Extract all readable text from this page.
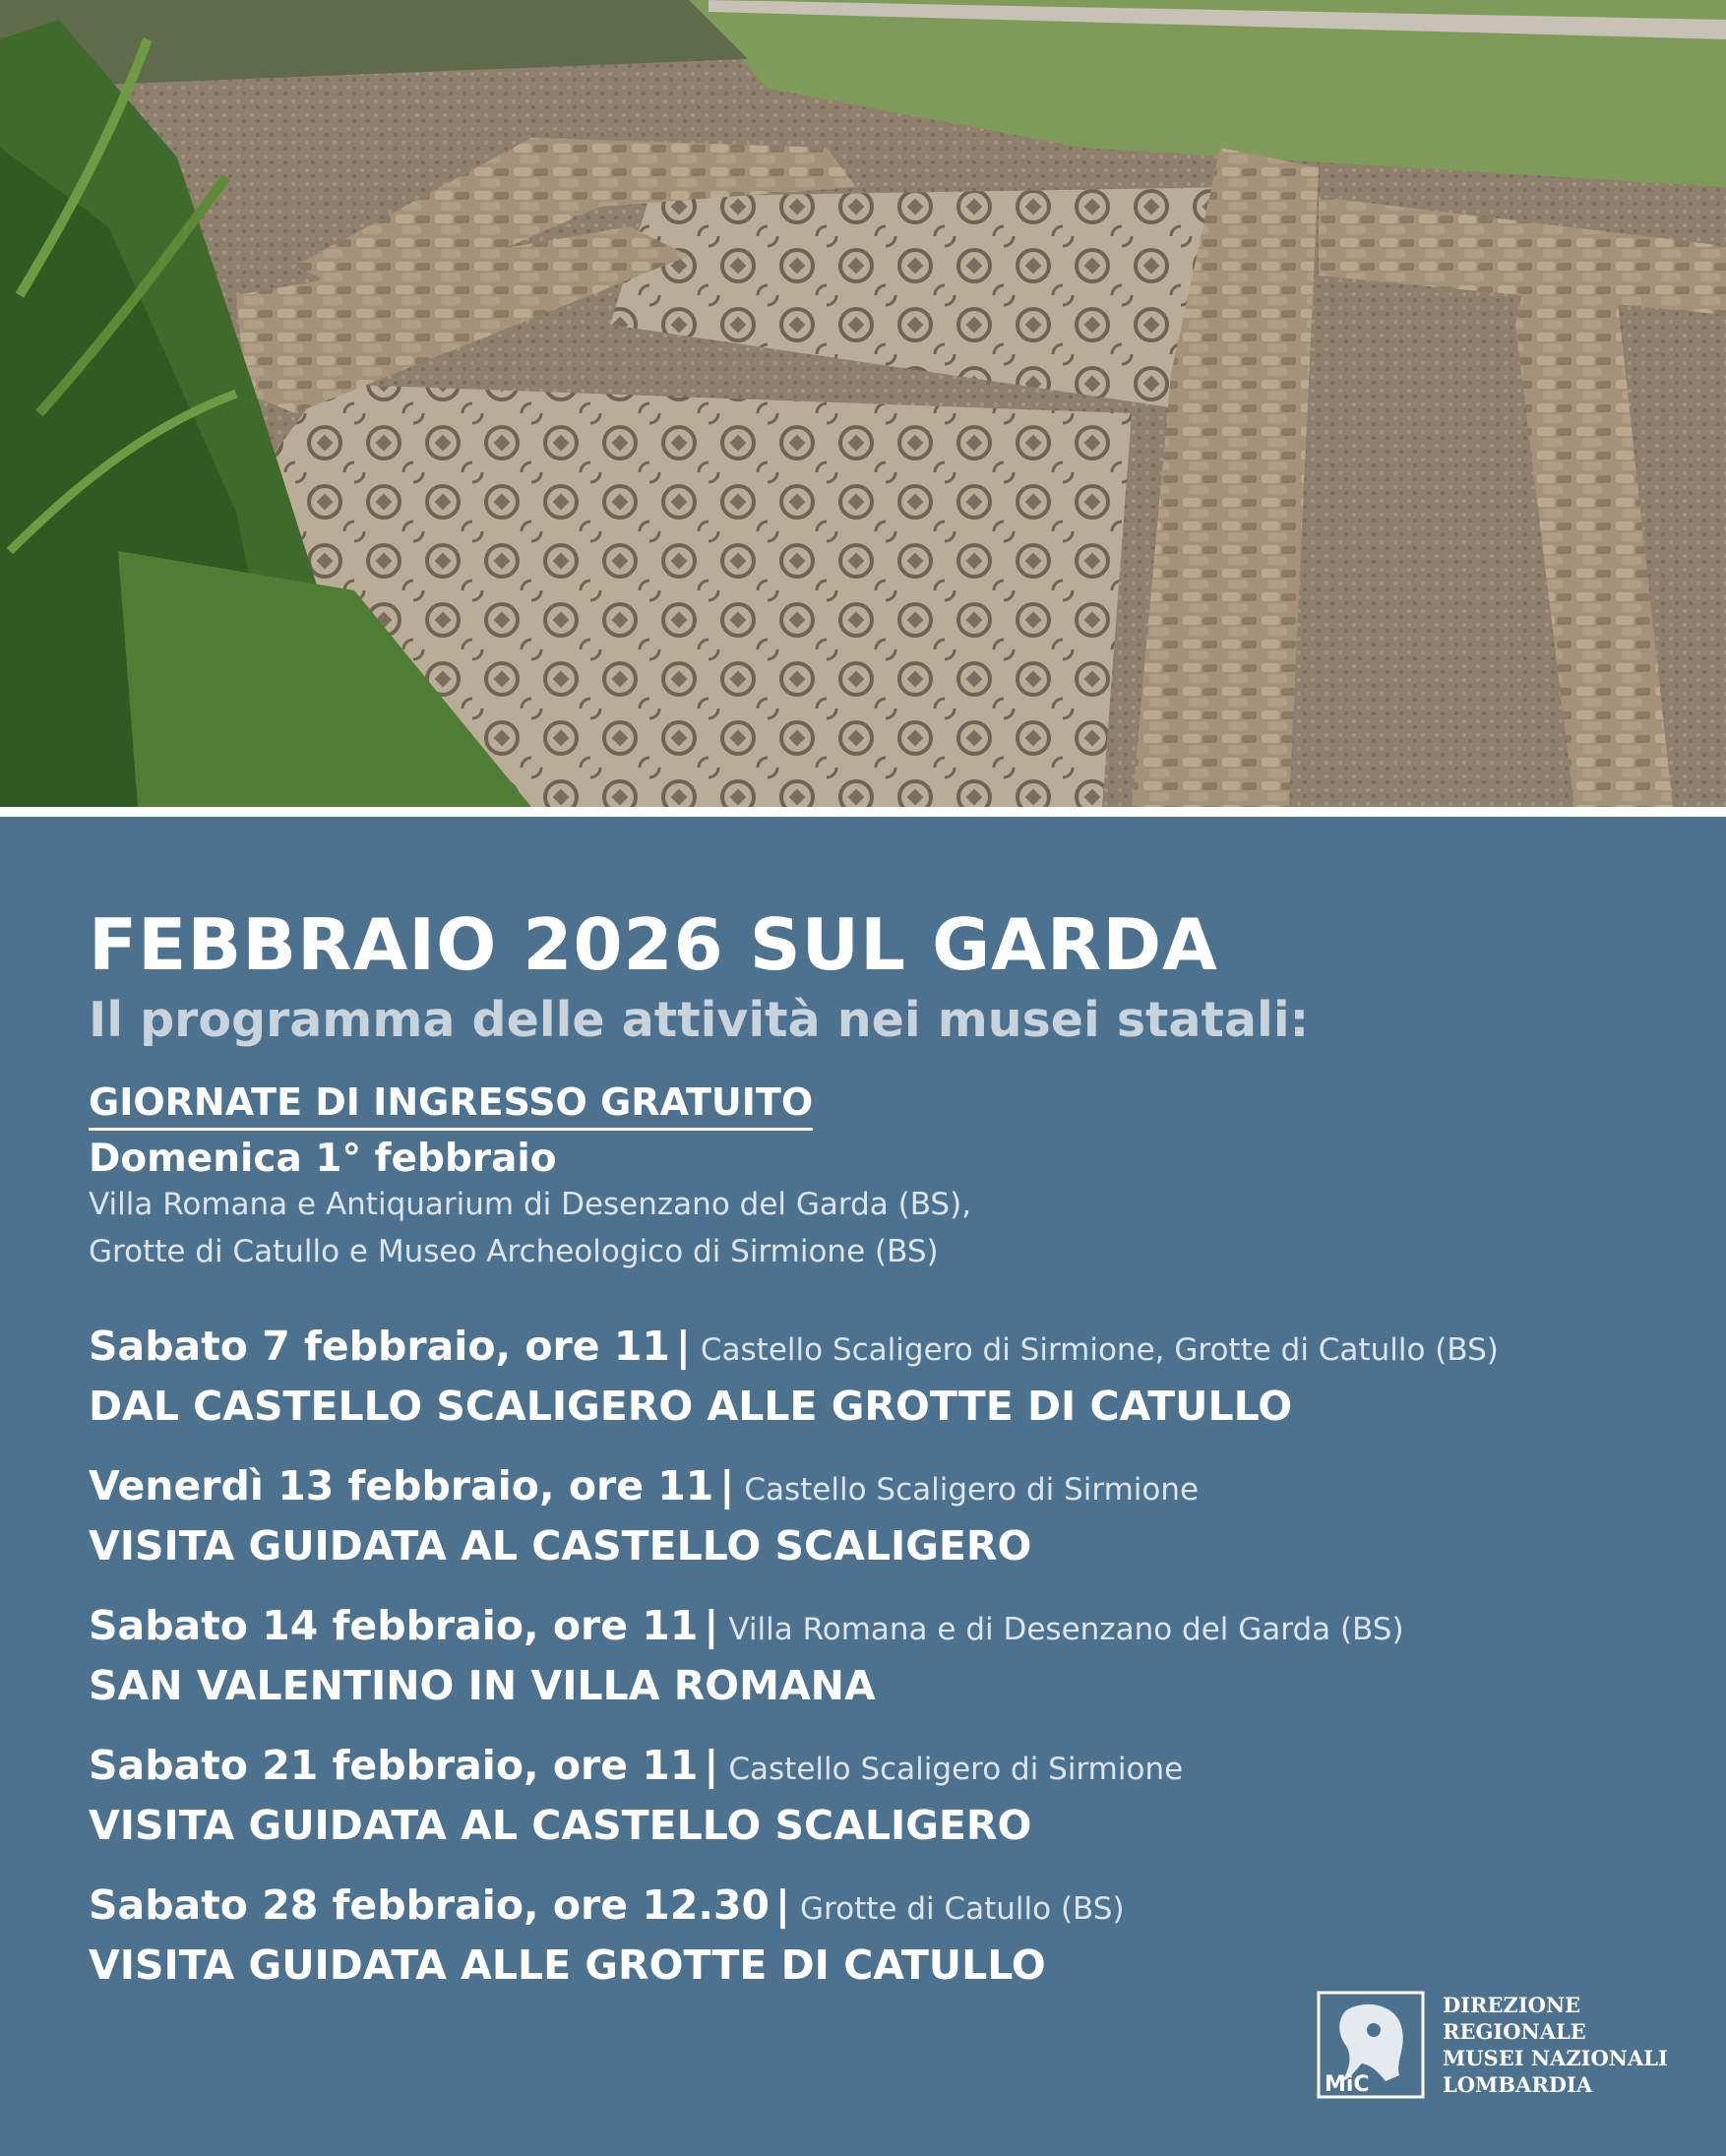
FEBBRAIO 2026 SUL GARDA
Il programma delle attività nei musei statali:
GIORNATE DI INGRESSO GRATUITO
Domenica 1° febbraio
Villa Romana e Antiquarium di Desenzano del Garda (BS),
Grotte di Catullo e Museo Archeologico di Sirmione (BS)
Sabato 7 febbraio, ore 11 | Castello Scaligero di Sirmione, Grotte di Catullo (BS)
DAL CASTELLO SCALIGERO ALLE GROTTE DI CATULLO
Venerdì 13 febbraio, ore 11 | Castello Scaligero di Sirmione
VISITA GUIDATA AL CASTELLO SCALIGERO
Sabato 14 febbraio, ore 11 | Villa Romana e di Desenzano del Garda (BS)
SAN VALENTINO IN VILLA ROMANA
Sabato 21 febbraio, ore 11 | Castello Scaligero di Sirmione
VISITA GUIDATA AL CASTELLO SCALIGERO
Sabato 28 febbraio, ore 12.30 | Grotte di Catullo (BS)
VISITA GUIDATA ALLE GROTTE DI CATULLO
MiC
DIREZIONE
REGIONALE
MUSEI NAZIONALI
LOMBARDIA
